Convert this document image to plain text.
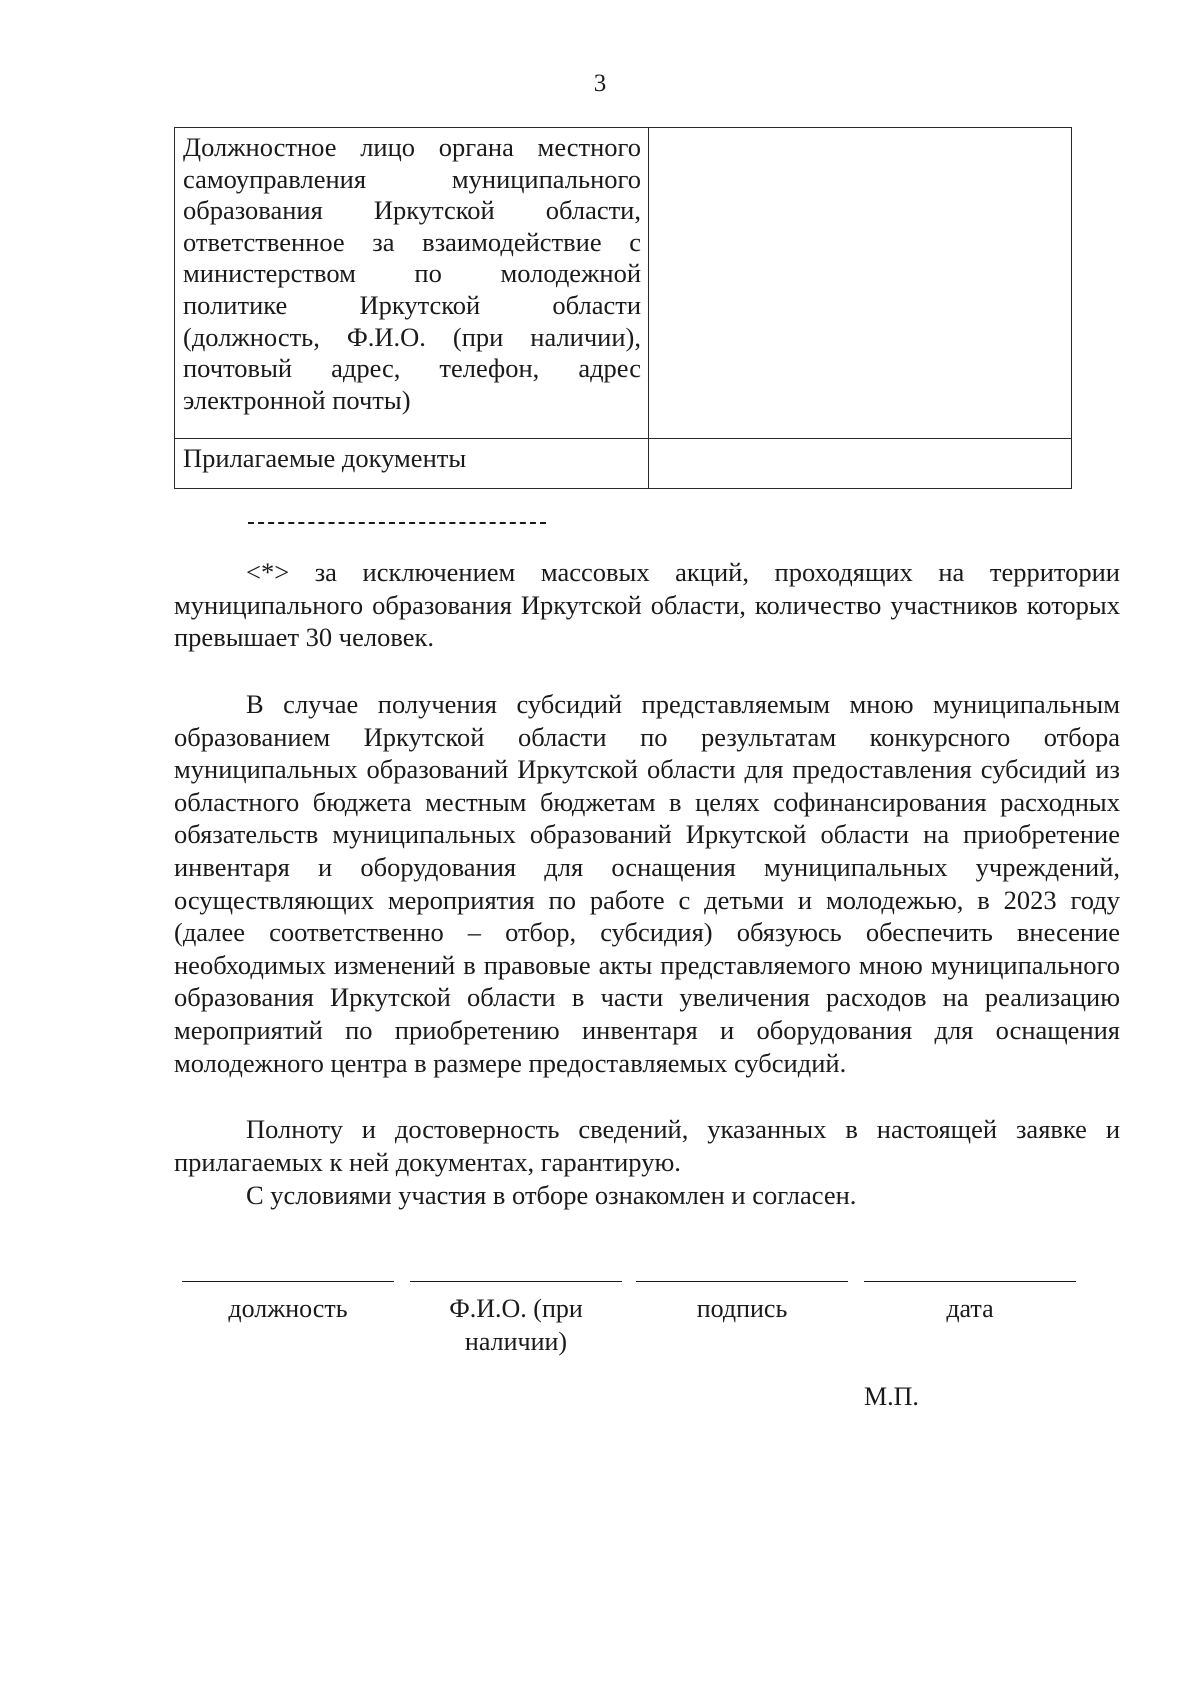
3
Должностное лицо органа местного самоуправления муниципального образования Иркутской области, ответственное за взаимодействие с министерством по молодежной политике Иркутской области (должность, Ф.И.О. (при наличии), почтовый адрес, телефон, адрес электронной почты)	
Прилагаемые документы	

<*> за исключением массовых акций, проходящих на территории муниципального образования Иркутской области, количество участников которых превышает 30 человек.

В случае получения субсидий представляемым мною муниципальным образованием Иркутской области по результатам конкурсного отбора муниципальных образований Иркутской области для предоставления субсидий из областного бюджета местным бюджетам в целях софинансирования расходных обязательств муниципальных образований Иркутской области на приобретение инвентаря и оборудования для оснащения муниципальных учреждений, осуществляющих мероприятия по работе с детьми и молодежью, в 2023 году (далее соответственно – отбор, субсидия) обязуюсь обеспечить внесение необходимых изменений в правовые акты представляемого мною муниципального образования Иркутской области в части увеличения расходов на реализацию мероприятий по приобретению инвентаря и оборудования для оснащения молодежного центра в размере предоставляемых субсидий.

Полноту и достоверность сведений, указанных в настоящей заявке и прилагаемых к ней документах, гарантирую.

С условиями участия в отборе ознакомлен и согласен.

должность	Ф.И.О. (при наличии)
подпись	дата
М.П.
